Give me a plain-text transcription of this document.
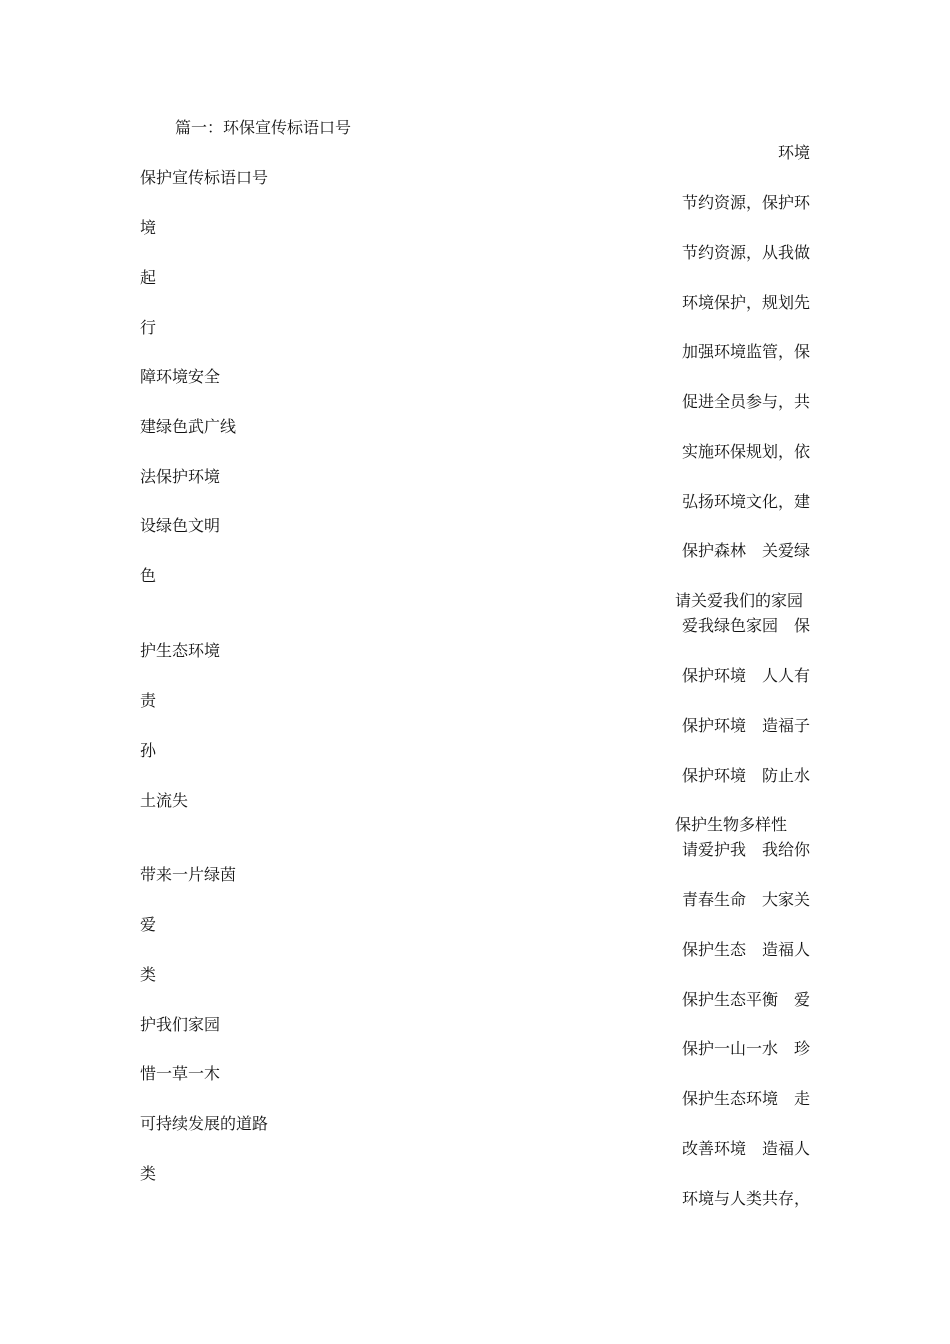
篇一：环保宣传标语口号
保护宣传标语口号
境
起
行
障环境安全
建绿色武广线
法保护环境
设绿色文明
色
护生态环境
责
孙
土流失
带来一片绿茵
爱
类
护我们家园
惜一草一木
可持续发展的道路
类
环境
节约资源，保护环
节约资源，从我做
环境保护，规划先
加强环境监管，保
促进全员参与，共
实施环保规划，依
弘扬环境文化，建
保护森林　关爱绿
请关爱我们的家园
爱我绿色家园　保
保护环境　人人有
保护环境　造福子
保护环境　防止水
保护生物多样性
请爱护我　我给你
青春生命　大家关
保护生态　造福人
保护生态平衡　爱
保护一山一水　珍
保护生态环境　走
改善环境　造福人
环境与人类共存，
